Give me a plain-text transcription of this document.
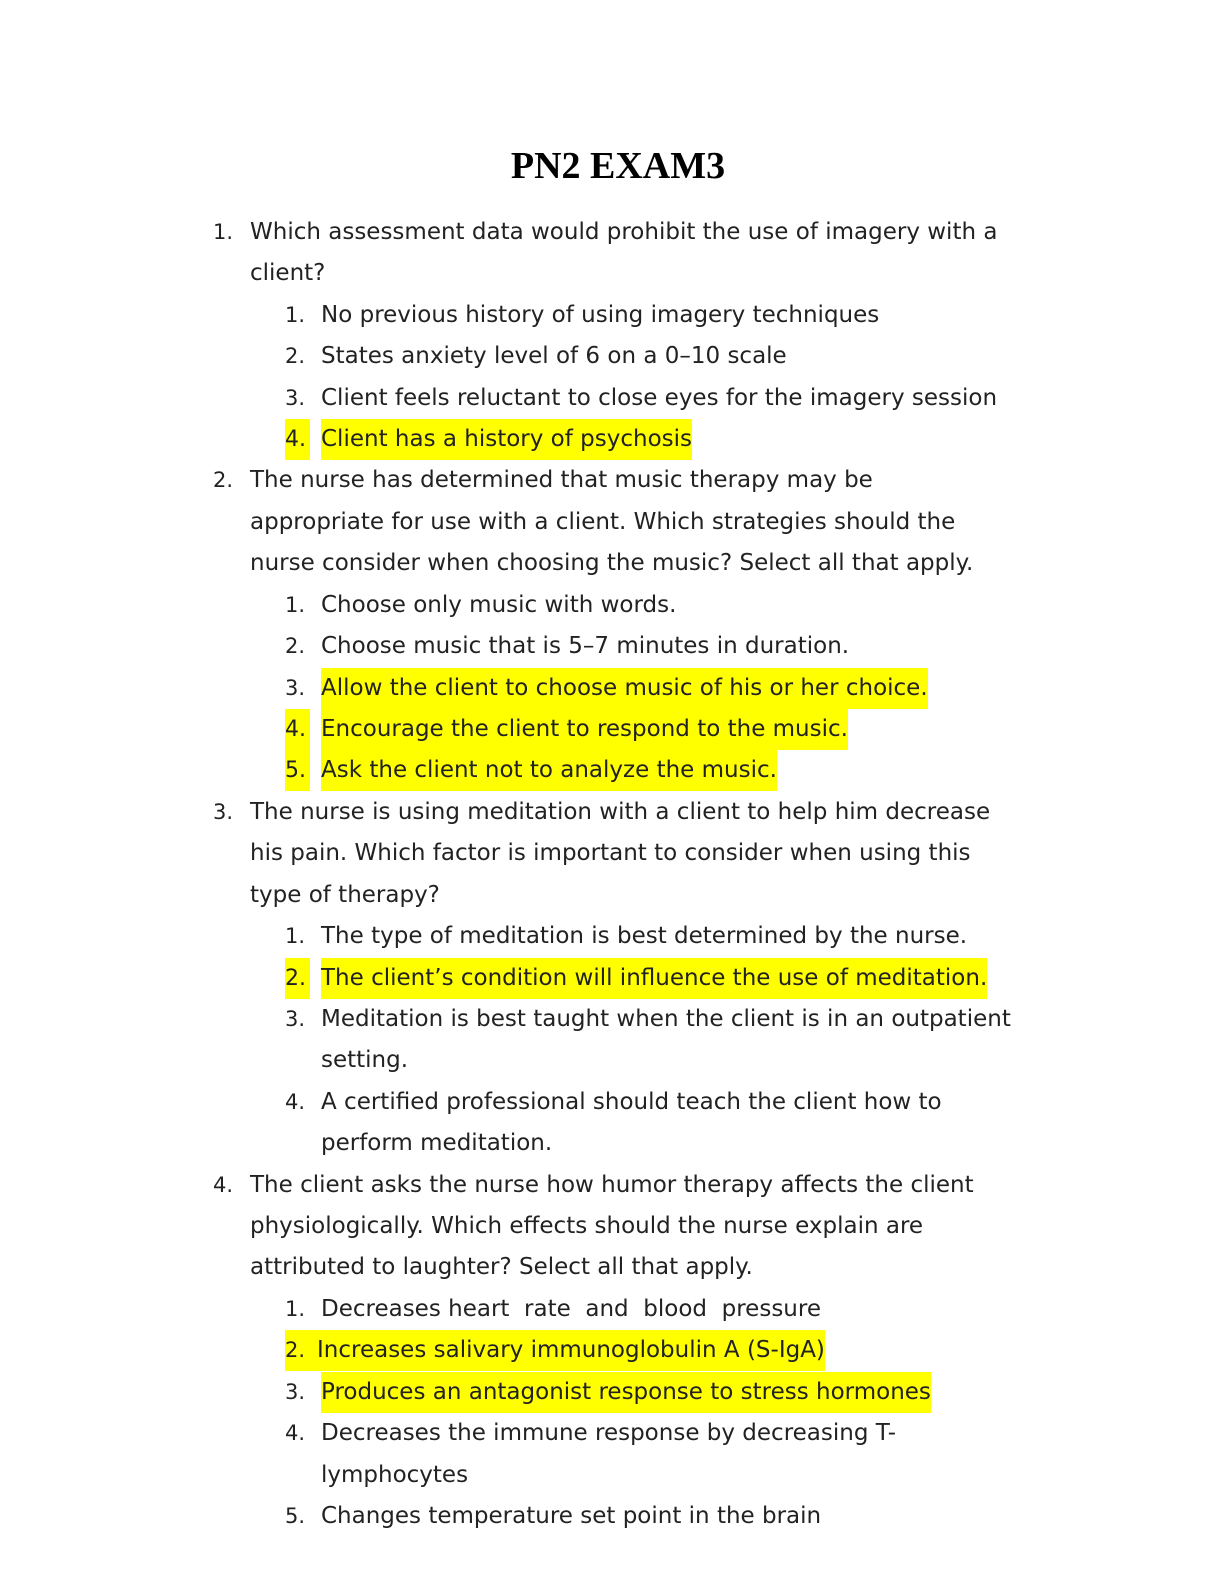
PN2 EXAM3
1. Which assessment data would prohibit the use of imagery with a
client?
1. No previous history of using imagery techniques
2. States anxiety level of 6 on a 0–10 scale
3. Client feels reluctant to close eyes for the imagery session
4. Client has a history of psychosis
2. The nurse has determined that music therapy may be
appropriate for use with a client. Which strategies should the
nurse consider when choosing the music? Select all that apply.
1. Choose only music with words.
2. Choose music that is 5–7 minutes in duration.
3. Allow the client to choose music of his or her choice.
4. Encourage the client to respond to the music.
5. Ask the client not to analyze the music.
3. The nurse is using meditation with a client to help him decrease
his pain. Which factor is important to consider when using this
type of therapy?
1. The type of meditation is best determined by the nurse.
2. The client’s condition will influence the use of meditation.
3. Meditation is best taught when the client is in an outpatient
setting.
4. A certified professional should teach the client how to
perform meditation.
4. The client asks the nurse how humor therapy affects the client
physiologically. Which effects should the nurse explain are
attributed to laughter? Select all that apply.
1. Decreases heart  rate  and  blood  pressure
2. Increases salivary immunoglobulin A (S-IgA)
3. Produces an antagonist response to stress hormones
4. Decreases the immune response by decreasing T-
lymphocytes
5. Changes temperature set point in the brain
